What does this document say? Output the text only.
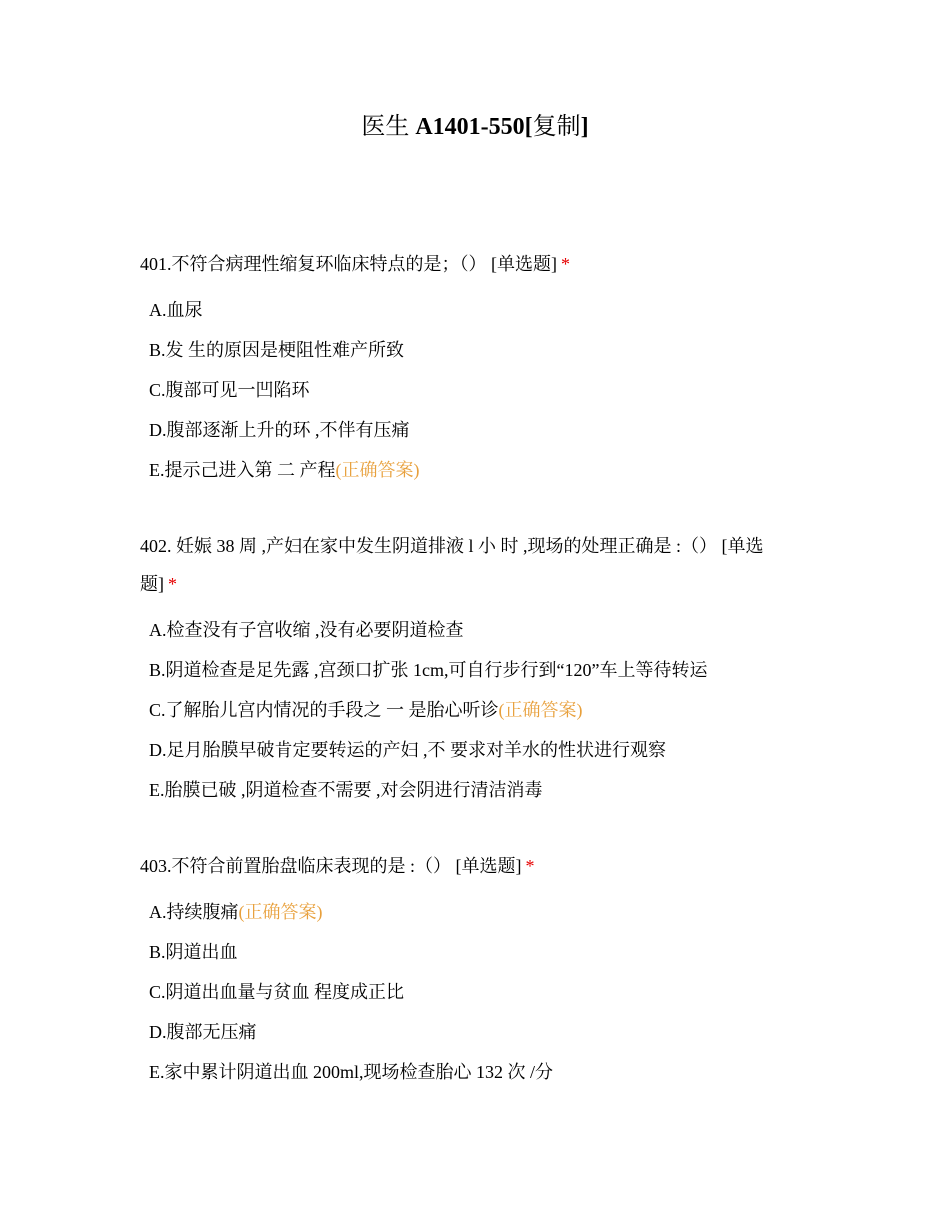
医生 A1401-550[复制]

401.不符合病理性缩复环临床特点的是；（） [单选题] *

A.血尿
B.发 生的原因是梗阻性难产所致
C.腹部可见一凹陷环
D.腹部逐渐上升的环 ,不伴有压痛
E.提示己进入第 二 产程(正确答案)

402. 妊娠 38 周 ,产妇在家中发生阴道排液 l 小 时 ,现场的处理正确是 :（） [单选题] *

A.检查没有子宫收缩 ,没有必要阴道检查
B.阴道检查是足先露 ,宫颈口扩张 1cm,可自行步行到“120”车上等待转运
C.了解胎儿宫内情况的手段之 一 是胎心听诊(正确答案)
D.足月胎膜早破肯定要转运的产妇 ,不 要求对羊水的性状进行观察
E.胎膜已破 ,阴道检查不需要 ,对会阴进行清洁消毒

403.不符合前置胎盘临床表现的是 :（） [单选题] *

A.持续腹痛(正确答案)
B.阴道出血
C.阴道出血量与贫血 程度成正比
D.腹部无压痛
E.家中累计阴道出血 200ml,现场检查胎心 132 次 /分
